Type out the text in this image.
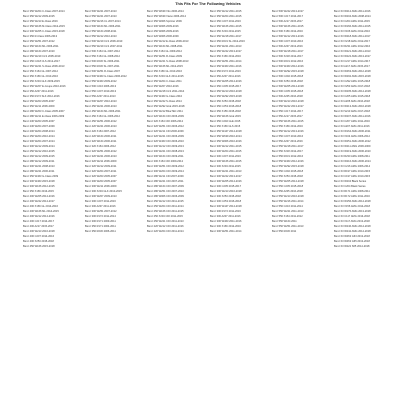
This Fits For The Following Vehicles
Benz 350 W204 C-Class 2007-2014
Benz 350 W212 2009-2015
Benz 350 W213 E-Class 2016
Benz 350 W166 M-Class 2012-2015
Benz 300 W205 C-Class 2015-2018
Benz 350 R-Class 2006-2013
Benz 350 W251 2007-2012
Benz 350 W164 ML 2006-2011
Benz 280 W164 2007-2010
Benz 350 W219 CLS 2005-2010
Benz 350 C218 CLS 2012-2017
Benz 350 W221 S-Class 2006-2013
Benz 350 X164 GL 2007-2012
Benz 350 X166 GL 2013-2016
Benz 350 X204 GLK 2009-2015
Benz 350 W207 E-Coupe 2010-2016
Benz 350 A207 2011-2016
Benz 350 R172 SLK 2012-2016
Benz 350 W203 2005-2007
Benz 350 W211 2006-2009
Benz 280 W203 C-Class 2005-2007
Benz 280 W211 E-Class 2006-2009
Benz 230 W203 2005-2007
Benz 230 W204 2007-2009
Benz 200 W204 2008-2014
Benz 250 W204 2010-2014
Benz 300 W204 2007-2014
Benz 300 W212 2009-2014
Benz 250 W212 2010-2015
Benz 260 W212 2009-2015
Benz 280 W212 2009-2011
Benz 300 W221 2008-2013
Benz 280 W221 2006-2011
Benz 350 W463 G-Class 2009
Benz 300 W463 2015-2018
Benz 300 W166 2012-2015
Benz 350 X166 2013-2015
Benz 400 W205 2014-2016
Benz 400 W222 2014-2017
Benz 400 X166 GL 2014-2016
Benz 400 W166 ML 2014-2015
Benz 400 W212 2014-2016
Benz 400 C217 2014-2017
Benz 400 A217 2015-2017
Benz 400 W213 2016-2018
Benz 400 C207 2014-2016
Benz 400 X253 2015-2018
Benz 450 W166 2015-2018
Benz 500 W221 2007-2013
Benz 550 W221 2007-2013
Benz 550 W216 CL 2007-2014
Benz 500 W164 ML 2006-2011
Benz 550 W164 2008-2011
Benz 550 W212 2010-2013
Benz 500 W219 CLS 2006-2010
Benz 550 W219 CLS 2007-2011
Benz 500 X164 GL 2007-2012
Benz 550 X164 GL 2008-2012
Benz 500 R230 SL 2006-2011
Benz 550 R230 SL 2007-2011
Benz 500 W251 R-Class 2007
Benz 500 W463 G-Class 2006-2012
Benz 550 W463 2009-2012
Benz 500 C216 2006-2013
Benz 550 C207 2010-2013
Benz 550 A207 2011-2013
Benz 500 W207 2010-2013
Benz 450 W221 2006-2013
Benz 450 W164 ML 2006-2011
Benz 450 X164 GL 2006-2012
Benz 450 W251 2006-2012
Benz 420 W221 2006-2013
Benz 420 X164 2007-2012
Benz 420 W164 2006-2011
Benz 320 W164 2006-2011
Benz 320 X164 2006-2012
Benz 320 W251 2006-2012
Benz 320 W221 2006-2013
Benz 320 W211 2006-2009
Benz 320 W212 2009-2011
Benz 320 W204 2007-2011
Benz 320 W203 2005-2007
Benz 300 W203 2005-2007
Benz 300 W211 2006-2009
Benz 300 X204 GLK 2010-2015
Benz 300 W207 2009-2013
Benz 300 C207 2011-2016
Benz 300 A207 2011-2016
Benz 300 W251 2007-2012
Benz 300 R172 2011-2014
Benz 300 R171 2009-2011
Benz 350 R171 2004-2011
Benz 350 R230 2006-2011
Benz 350 W639 Vito 2006-2014
Benz 350 W639 Viano 2006-2014
Benz 350 W906 Sprinter 2009
Benz 300 W906 2009-2016
Benz 250 W906 2009-2016
Benz 320 W906 2006-2009
Benz 350 W212 E-Class 2009-2013
Benz 350 W164 ML 2008-2011
Benz 350 X164 GL 2009-2012
Benz 350 W251 R-Class 2009
Benz 350 W221 S-Class 2008-2013
Benz 350 W166 ML 2012-2015
Benz 350 X166 GL 2013-2016
Benz 350 X204 GLK 2011-2015
Benz 350 W204 C-Class 2011
Benz 350 W207 2010-2016
Benz 350 W218 CLS 2011-2014
Benz 350 W463 G-Class 2010
Benz 350 W222 S-Class 2014
Benz 350 W292 GLE 2015-2018
Benz 350 W212 BlueTEC 2011
Benz 320 W164 CDI 2006-2009
Benz 320 X164 CDI 2006-2012
Benz 320 W251 CDI 2006-2012
Benz 320 W211 CDI 2006-2009
Benz 320 W221 CDI 2006-2009
Benz 320 W463 CDI 2006-2010
Benz 300 W212 CDI 2009-2013
Benz 300 W221 CDI 2008-2013
Benz 300 W164 CDI 2009-2011
Benz 300 X164 CDI 2009-2012
Benz 300 W251 CDI 2009-2012
Benz 300 W204 CDI 2009-2014
Benz 280 W211 CDI 2007-2009
Benz 280 W221 CDI 2007-2011
Benz 280 W164 CDI 2007-2009
Benz 280 W251 CDI 2007-2010
Benz 280 W906 CDI 2006-2009
Benz 250 W212 CDI 2011-2015
Benz 250 W204 CDI 2011-2014
Benz 250 W166 CDI 2011-2015
Benz 250 X204 CDI 2011-2015
Benz 250 W221 CDI 2011-2013
Benz 220 W212 CDI 2011-2016
Benz 220 W204 CDI 2011-2014
Benz 350 W212 2011-2015
Benz 350 W204 2011-2015
Benz 350 C207 2011-2016
Benz 350 W166 2011-2015
Benz 350 X204 2011-2015
Benz 350 W218 2011-2017
Benz 350 R231 SL 2012-2016
Benz 350 W221 2011-2013
Benz 350 W222 2013-2017
Benz 350 X166 2012-2016
Benz 350 W251 2011-2014
Benz 350 W463 2011-2016
Benz 350 R172 2011-2016
Benz 350 A207 2011-2016
Benz 350 W205 2014-2016
Benz 350 C205 2015-2017
Benz 350 W213 2016-2018
Benz 350 W292 2015-2018
Benz 350 X253 2015-2018
Benz 350 C253 2016-2018
Benz 350 X156 2015-2018
Benz 350 W166 GLE 2015
Benz 350 C292 GLE 2015
Benz 350 X166 GLS 2015
Benz 350 W447 2014-2018
Benz 350 W639 2010-2014
Benz 350 W906 2010-2016
Benz 300 W212 2011-2015
Benz 300 W204 2011-2015
Benz 300 C207 2011-2016
Benz 300 W166 2011-2015
Benz 300 X204 2011-2015
Benz 300 W221 2011-2013
Benz 300 W222 2013-2017
Benz 300 W205 2014-2016
Benz 300 C205 2015-2017
Benz 300 W213 2016-2018
Benz 300 X253 2015-2018
Benz 300 C253 2016-2018
Benz 300 W447 2014-2018
Benz 300 R172 2011-2016
Benz 300 A207 2011-2016
Benz 300 W463 2011-2016
Benz 300 X166 2012-2016
Benz 300 W251 2011-2014
Benz 500 W222 2013-2017
Benz 500 C217 2014-2017
Benz 500 A217 2015-2017
Benz 500 W166 2011-2015
Benz 500 X166 2012-2016
Benz 500 W212 2013-2016
Benz 500 C207 2013-2016
Benz 500 A207 2013-2016
Benz 500 W218 2011-2017
Benz 500 X218 2012-2017
Benz 500 R231 2012-2016
Benz 500 W463 2012-2016
Benz 500 W292 2015-2018
Benz 500 C292 2015-2018
Benz 500 X253 2015-2018
Benz 500 W205 2014-2018
Benz 500 C205 2015-2018
Benz 500 A205 2016-2018
Benz 500 W213 2016-2018
Benz 550 W222 2013-2017
Benz 550 C217 2014-2017
Benz 550 A217 2015-2017
Benz 550 W166 2011-2015
Benz 550 X166 2012-2016
Benz 550 W212 2013-2016
Benz 550 C207 2013-2016
Benz 550 A207 2013-2016
Benz 550 W218 2011-2017
Benz 550 X218 2012-2017
Benz 550 R231 2012-2016
Benz 550 W463 2012-2016
Benz 550 W292 2015-2018
Benz 550 C292 2015-2018
Benz 550 X253 2015-2018
Benz 550 W205 2014-2018
Benz 550 C205 2015-2018
Benz 550 A205 2016-2018
Benz 550 W213 2016-2018
Benz 550 W216 2011-2014
Benz 550 C216 2011-2014
Benz 550 W221 2011-2013
Benz 550 X164 2011-2012
Benz 550 W164 2011
Benz 550 W251 2011-2013
Benz 550 R230 2011
Benz 63 W212 AMG 2011-2016
Benz 63 W204 AMG 2008-2014
Benz 63 C204 AMG 2011-2015
Benz 63 W166 AMG 2011-2015
Benz 63 X166 AMG 2012-2016
Benz 63 W218 AMG 2011-2017
Benz 63 X218 AMG 2012-2017
Benz 63 R231 AMG 2012-2016
Benz 63 W221 AMG 2011-2013
Benz 63 W222 AMG 2013-2017
Benz 63 C217 AMG 2014-2017
Benz 63 A217 AMG 2015-2017
Benz 63 W463 AMG 2012-2018
Benz 63 W292 AMG 2015-2018
Benz 63 C292 AMG 2015-2018
Benz 63 X253 AMG 2017-2018
Benz 63 W205 AMG 2014-2018
Benz 63 C205 AMG 2015-2018
Benz 63 A205 AMG 2016-2018
Benz 63 W213 AMG 2016-2018
Benz 63 S213 AMG 2017-2018
Benz 63 W207 AMG 2011-2016
Benz 63 C207 AMG 2011-2016
Benz 63 A207 AMG 2011-2016
Benz 63 W164 AMG 2006-2011
Benz 63 X164 AMG 2006-2012
Benz 63 W251 AMG 2006-2012
Benz 63 W211 AMG 2006-2009
Benz 63 W219 AMG 2006-2010
Benz 63 R230 AMG 2008-2011
Benz 63 W216 AMG 2006-2014
Benz 63 C216 AMG 2006-2014
Benz 63 R197 AMG 2010-2015
Benz 63 C197 AMG 2010-2015
Benz 63 W204 Black Series
Benz 63 C204 Black Series
Benz 63 R171 AMG 2008-2011
Benz 63 R172 AMG 2011-2016
Benz 63 W156 AMG 2014-2018
Benz 63 X156 AMG 2014-2018
Benz 63 W176 AMG 2013-2018
Benz 63 C117 AMG 2013-2018
Benz 63 X117 AMG 2013-2018
Benz 63 W246 AMG 2014-2018
Benz 63 W242 AMG 2014-2018
Benz 63 W463 G63 2013-2018
Benz 63 W463 G65 2013-2018
Benz 63 W222 S65 2014-2018
